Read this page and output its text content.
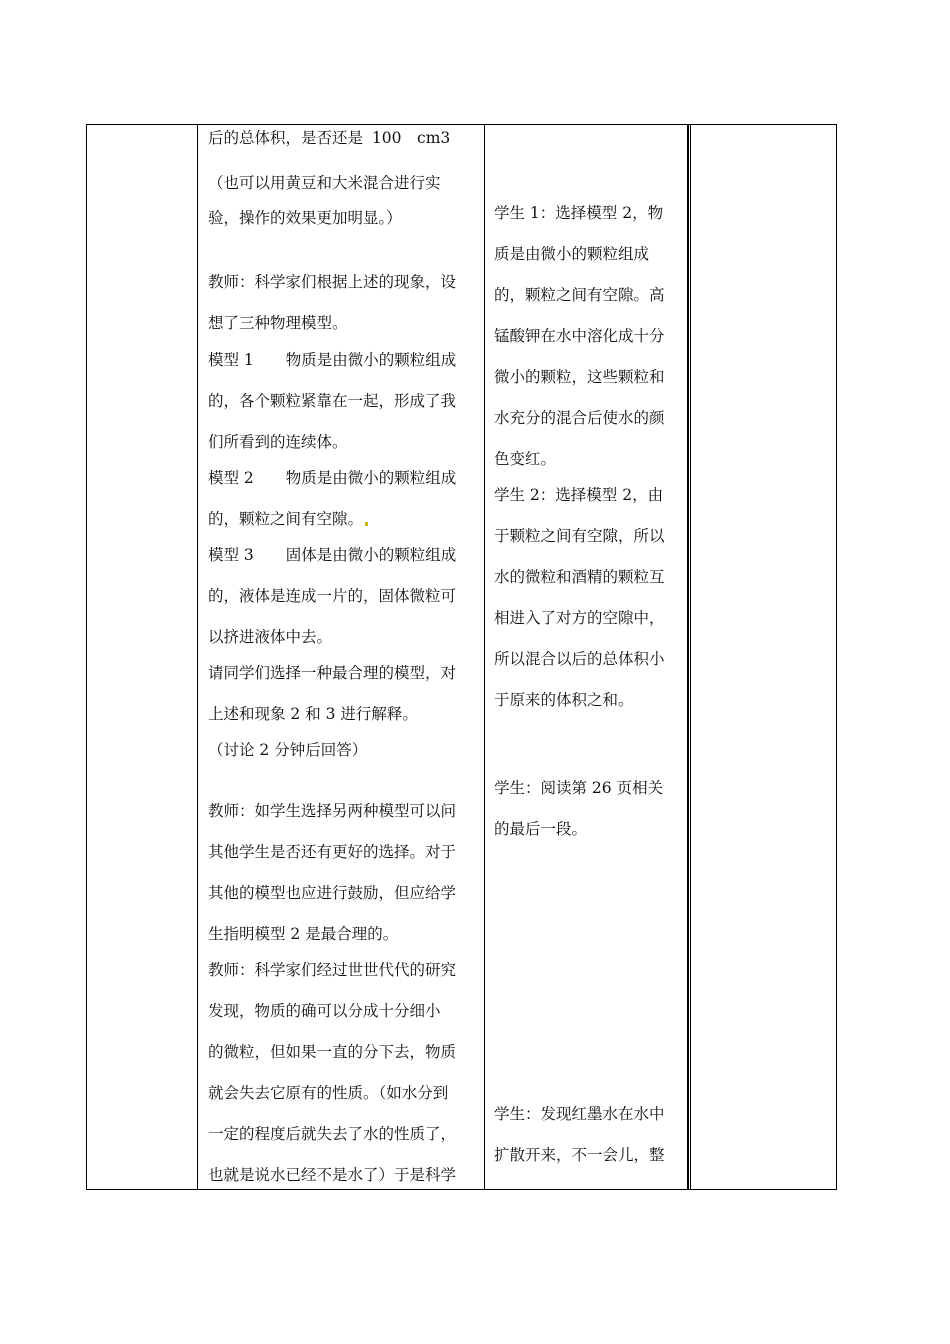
后的总体积，是否还是 100　cm3

（也可以用黄豆和大米混合进行实

验，操作的效果更加明显。）

教师：科学家们根据上述的现象，设

想了三种物理模型。

模型 1 物质是由微小的颗粒组成

的，各个颗粒紧靠在一起，形成了我

们所看到的连续体。

模型 2 物质是由微小的颗粒组成

的，颗粒之间有空隙。

模型 3 固体是由微小的颗粒组成

的，液体是连成一片的，固体微粒可

以挤进液体中去。

请同学们选择一种最合理的模型，对

上述和现象 2 和 3 进行解释。

（讨论 2 分钟后回答）

教师：如学生选择另两种模型可以问

其他学生是否还有更好的选择。对于

其他的模型也应进行鼓励，但应给学

生指明模型 2 是最合理的。

教师：科学家们经过世世代代的研究

发现，物质的确可以分成十分细小

的微粒，但如果一直的分下去，物质

就会失去它原有的性质。（如水分到

一定的程度后就失去了水的性质了，

也就是说水已经不是水了）于是科学

学生 1：选择模型 2，物

质是由微小的颗粒组成

的，颗粒之间有空隙。高

锰酸钾在水中溶化成十分

微小的颗粒，这些颗粒和

水充分的混合后使水的颜

色变红。

学生 2：选择模型 2，由

于颗粒之间有空隙，所以

水的微粒和酒精的颗粒互

相进入了对方的空隙中，

所以混合以后的总体积小

于原来的体积之和。

学生：阅读第 26 页相关

的最后一段。

学生：发现红墨水在水中

扩散开来，不一会儿，整
